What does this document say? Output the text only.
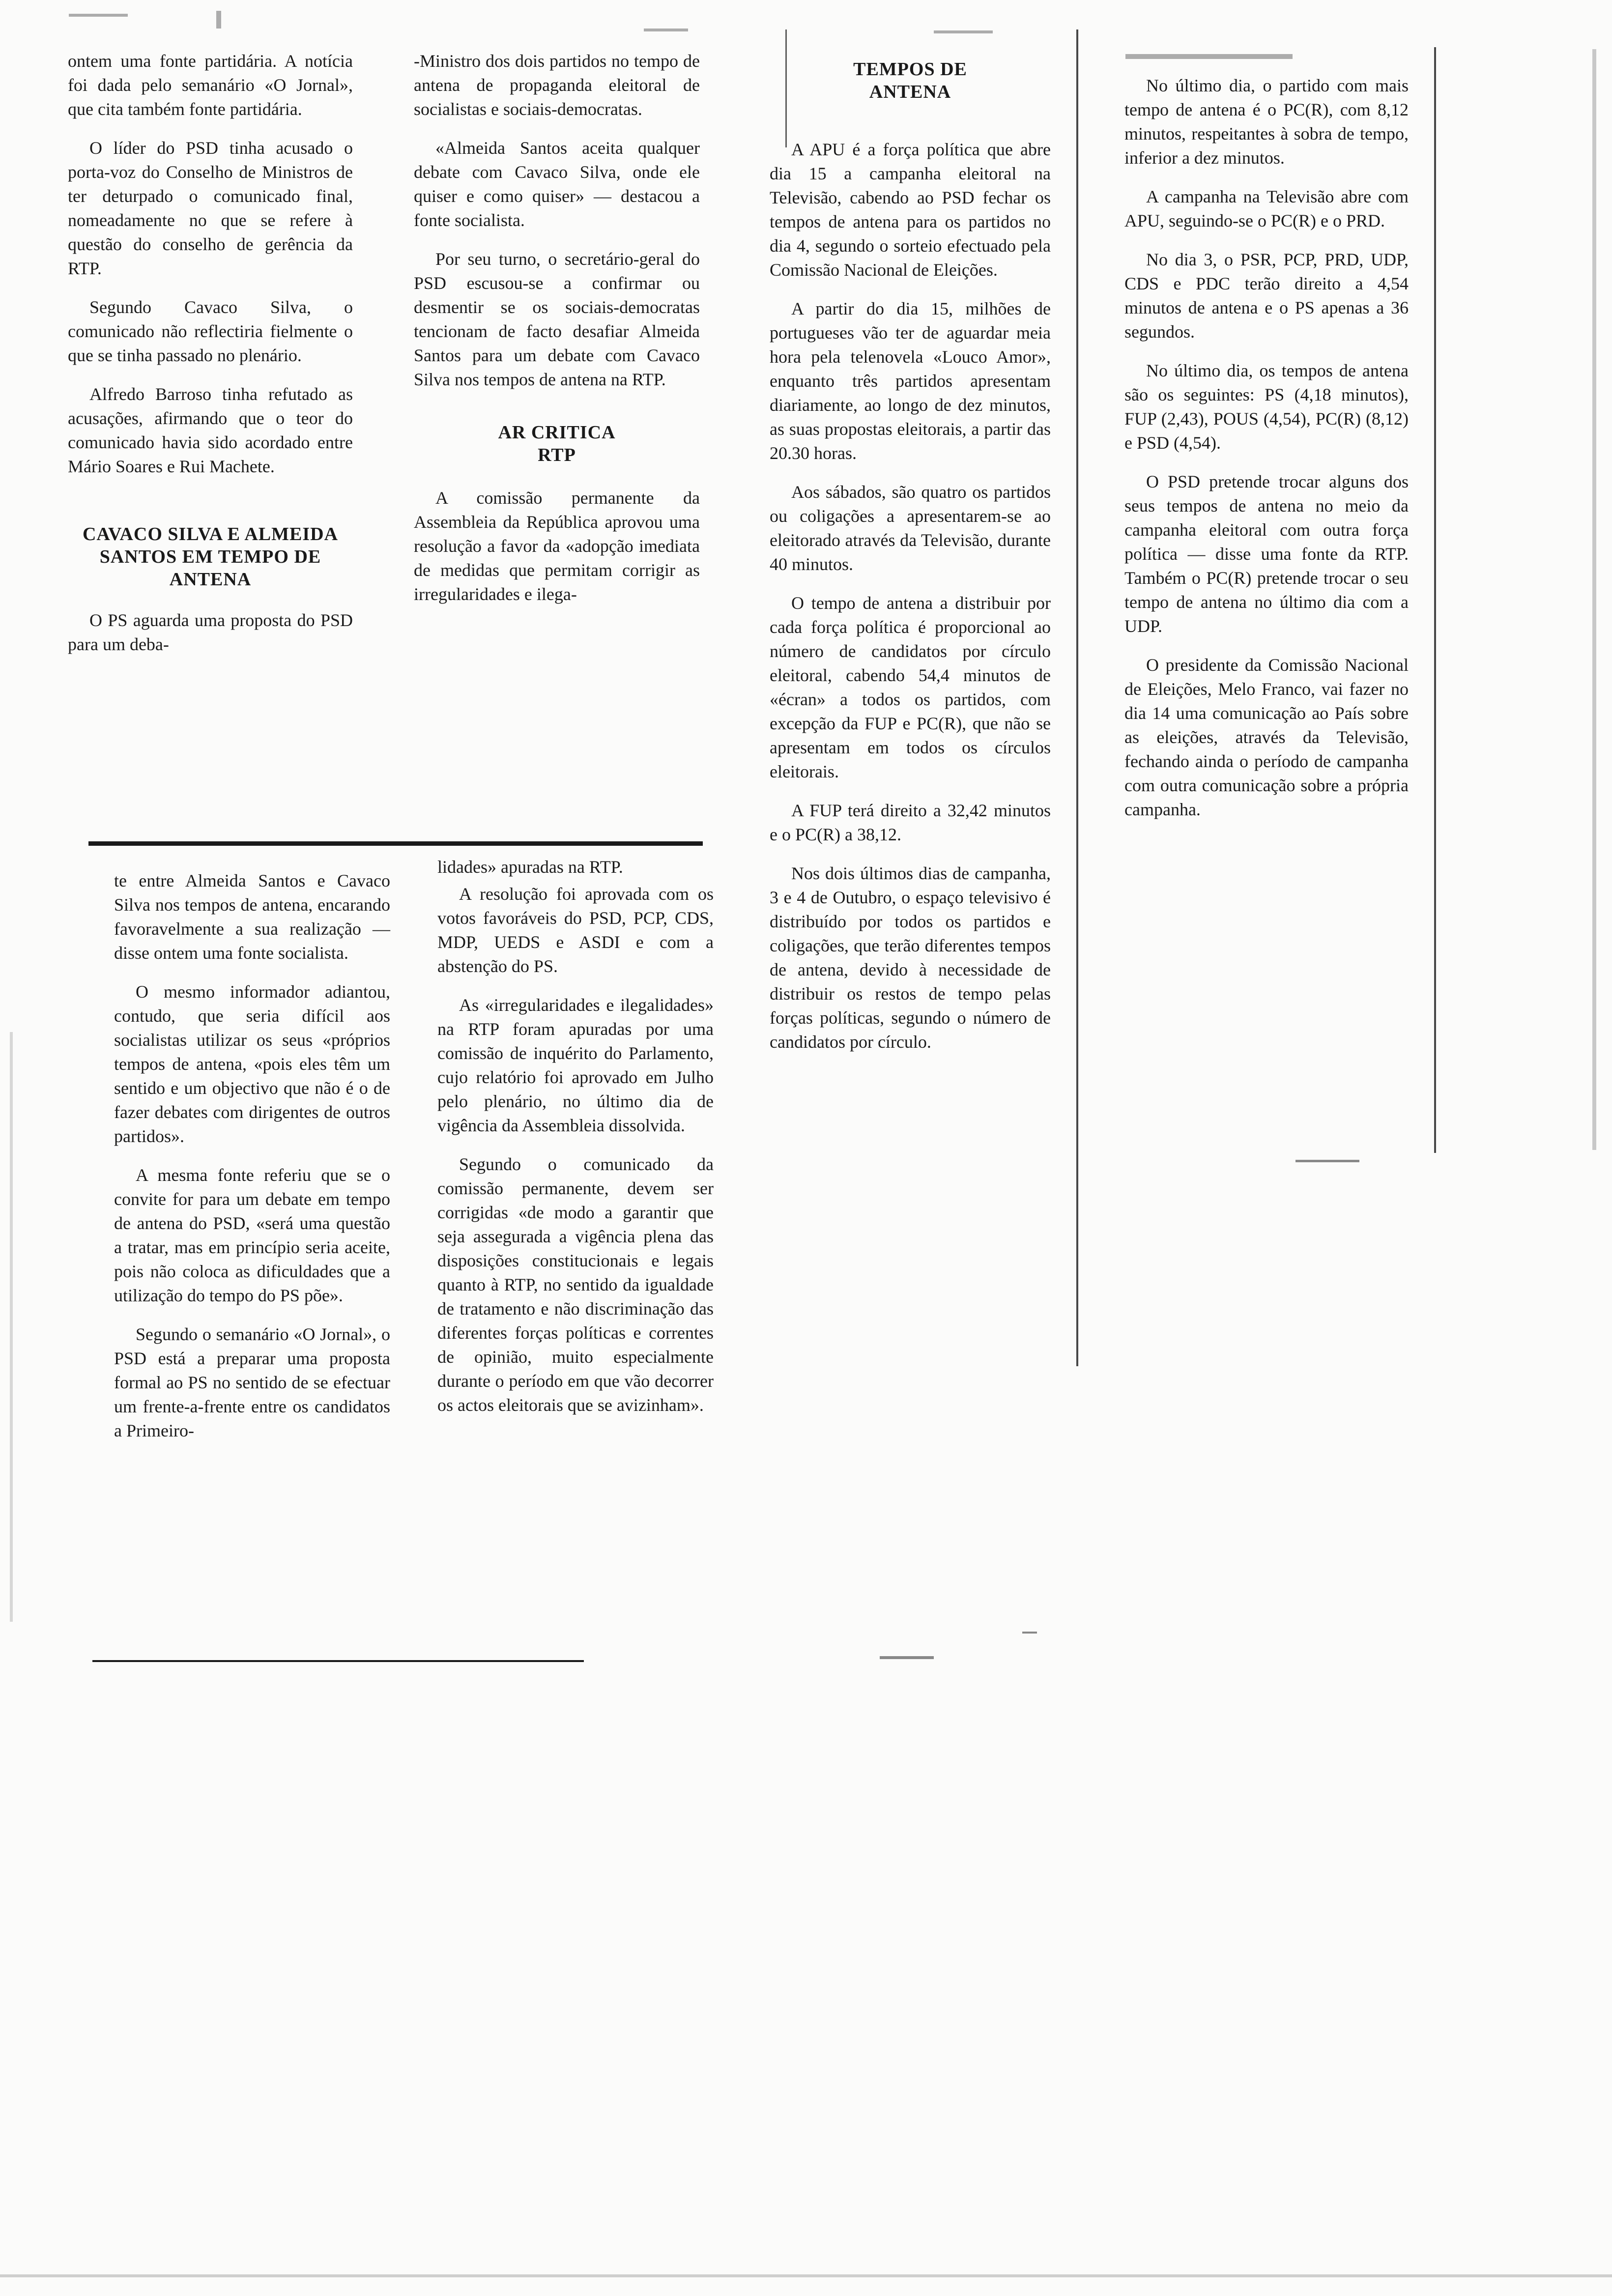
ontem uma fonte partidária. A notícia foi dada pelo semanário «O Jornal», que cita também fonte partidária.

O líder do PSD tinha acusado o porta-voz do Conselho de Ministros de ter deturpado o comunicado final, nomeadamente no que se refere à questão do conselho de gerência da RTP.

Segundo Cavaco Silva, o comunicado não reflectiria fielmente o que se tinha passado no plenário.

Alfredo Barroso tinha refutado as acusações, afirmando que o teor do comunicado havia sido acordado entre Mário Soares e Rui Machete.

CAVACO SILVA E ALMEIDA SANTOS EM TEMPO DE ANTENA

O PS aguarda uma proposta do PSD para um deba-

-Ministro dos dois partidos no tempo de antena de propaganda eleitoral de socialistas e sociais-democratas.

«Almeida Santos aceita qualquer debate com Cavaco Silva, onde ele quiser e como quiser» — destacou a fonte socialista.

Por seu turno, o secretário-geral do PSD escusou-se a confirmar ou desmentir se os sociais-democratas tencionam de facto desafiar Almeida Santos para um debate com Cavaco Silva nos tempos de antena na RTP.

AR CRITICA RTP

A comissão permanente da Assembleia da República aprovou uma resolução a favor da «adopção imediata de medidas que permitam corrigir as irregularidades e ilega-

te entre Almeida Santos e Cavaco Silva nos tempos de antena, encarando favoravelmente a sua realização — disse ontem uma fonte socialista.

O mesmo informador adiantou, contudo, que seria difícil aos socialistas utilizar os seus «próprios tempos de antena, «pois eles têm um sentido e um objectivo que não é o de fazer debates com dirigentes de outros partidos».

A mesma fonte referiu que se o convite for para um debate em tempo de antena do PSD, «será uma questão a tratar, mas em princípio seria aceite, pois não coloca as dificuldades que a utilização do tempo do PS põe».

Segundo o semanário «O Jornal», o PSD está a preparar uma proposta formal ao PS no sentido de se efectuar um frente-a-frente entre os candidatos a Primeiro-

lidades» apuradas na RTP.

A resolução foi aprovada com os votos favoráveis do PSD, PCP, CDS, MDP, UEDS e ASDI e com a abstenção do PS.

As «irregularidades e ilegalidades» na RTP foram apuradas por uma comissão de inquérito do Parlamento, cujo relatório foi aprovado em Julho pelo plenário, no último dia de vigência da Assembleia dissolvida.

Segundo o comunicado da comissão permanente, devem ser corrigidas «de modo a garantir que seja assegurada a vigência plena das disposições constitucionais e legais quanto à RTP, no sentido da igualdade de tratamento e não discriminação das diferentes forças políticas e correntes de opinião, muito especialmente durante o período em que vão decorrer os actos eleitorais que se avizinham».

TEMPOS DE ANTENA

A APU é a força política que abre dia 15 a campanha eleitoral na Televisão, cabendo ao PSD fechar os tempos de antena para os partidos no dia 4, segundo o sorteio efectuado pela Comissão Nacional de Eleições.

A partir do dia 15, milhões de portugueses vão ter de aguardar meia hora pela telenovela «Louco Amor», enquanto três partidos apresentam diariamente, ao longo de dez minutos, as suas propostas eleitorais, a partir das 20.30 horas.

Aos sábados, são quatro os partidos ou coligações a apresentarem-se ao eleitorado através da Televisão, durante 40 minutos.

O tempo de antena a distribuir por cada força política é proporcional ao número de candidatos por círculo eleitoral, cabendo 54,4 minutos de «écran» a todos os partidos, com excepção da FUP e PC(R), que não se apresentam em todos os círculos eleitorais.

A FUP terá direito a 32,42 minutos e o PC(R) a 38,12.

Nos dois últimos dias de campanha, 3 e 4 de Outubro, o espaço televisivo é distribuído por todos os partidos e coligações, que terão diferentes tempos de antena, devido à necessidade de distribuir os restos de tempo pelas forças políticas, segundo o número de candidatos por círculo.

No último dia, o partido com mais tempo de antena é o PC(R), com 8,12 minutos, respeitantes à sobra de tempo, inferior a dez minutos.

A campanha na Televisão abre com APU, seguindo-se o PC(R) e o PRD.

No dia 3, o PSR, PCP, PRD, UDP, CDS e PDC terão direito a 4,54 minutos de antena e o PS apenas a 36 segundos.

No último dia, os tempos de antena são os seguintes: PS (4,18 minutos), FUP (2,43), POUS (4,54), PC(R) (8,12) e PSD (4,54).

O PSD pretende trocar alguns dos seus tempos de antena no meio da campanha eleitoral com outra força política — disse uma fonte da RTP. Também o PC(R) pretende trocar o seu tempo de antena no último dia com a UDP.

O presidente da Comissão Nacional de Eleições, Melo Franco, vai fazer no dia 14 uma comunicação ao País sobre as eleições, através da Televisão, fechando ainda o período de campanha com outra comunicação sobre a própria campanha.
